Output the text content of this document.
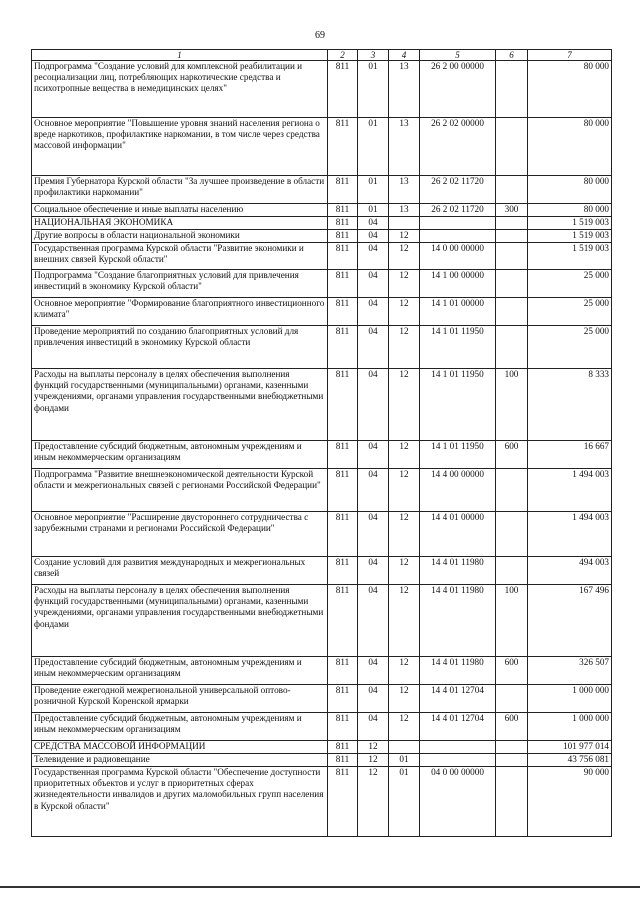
69
1	2	3	4	5	6	7
Подпрограмма "Создание условий для комплексной реабилитации и ресоциализации лиц, потребляющих наркотические средства и психотропные вещества в немедицинских целях"	811	01	13	26 2 00 00000		80 000
Основное мероприятие "Повышение уровня знаний населения региона о вреде наркотиков, профилактике наркомании, в том числе через средства массовой информации"	811	01	13	26 2 02 00000		80 000
Премия Губернатора Курской области "За лучшее произведение в области профилактики наркомании"	811	01	13	26 2 02 11720		80 000
Социальное обеспечение и иные выплаты населению	811	01	13	26 2 02 11720	300	80 000
НАЦИОНАЛЬНАЯ ЭКОНОМИКА	811	04				1 519 003
Другие вопросы в области национальной экономики	811	04	12			1 519 003
Государственная программа Курской области "Развитие экономики и внешних связей Курской области"	811	04	12	14 0 00 00000		1 519 003
Подпрограмма "Создание благоприятных условий для привлечения инвестиций в экономику Курской области"	811	04	12	14 1 00 00000		25 000
Основное мероприятие "Формирование благоприятного инвестиционного климата"	811	04	12	14 1 01 00000		25 000
Проведение мероприятий по созданию благоприятных условий для привлечения инвестиций в экономику Курской области	811	04	12	14 1 01 11950		25 000
Расходы на выплаты персоналу в целях обеспечения выполнения функций государственными (муниципальными) органами, казенными учреждениями, органами управления государственными внебюджетными фондами	811	04	12	14 1 01 11950	100	8 333
Предоставление субсидий бюджетным, автономным учреждениям и иным некоммерческим организациям	811	04	12	14 1 01 11950	600	16 667
Подпрограмма "Развитие внешнеэкономической деятельности Курской области и межрегиональных связей с регионами Российской Федерации"	811	04	12	14 4 00 00000		1 494 003
Основное мероприятие "Расширение двустороннего сотрудничества с зарубежными странами и регионами Российской Федерации"	811	04	12	14 4 01 00000		1 494 003
Создание условий для развития международных и межрегиональных связей	811	04	12	14 4 01 11980		494 003
Расходы на выплаты персоналу в целях обеспечения выполнения функций государственными (муниципальными) органами, казенными учреждениями, органами управления государственными внебюджетными фондами	811	04	12	14 4 01 11980	100	167 496
Предоставление субсидий бюджетным, автономным учреждениям и иным некоммерческим организациям	811	04	12	14 4 01 11980	600	326 507
Проведение ежегодной межрегиональной универсальной оптово-розничной Курской Коренской ярмарки	811	04	12	14 4 01 12704		1 000 000
Предоставление субсидий бюджетным, автономным учреждениям и иным некоммерческим организациям	811	04	12	14 4 01 12704	600	1 000 000
СРЕДСТВА МАССОВОЙ ИНФОРМАЦИИ	811	12				101 977 014
Телевидение и радиовещание	811	12	01			43 756 081
Государственная программа Курской области "Обеспечение доступности приоритетных объектов и услуг в приоритетных сферах жизнедеятельности инвалидов и других маломобильных групп населения в Курской области"	811	12	01	04 0 00 00000		90 000
